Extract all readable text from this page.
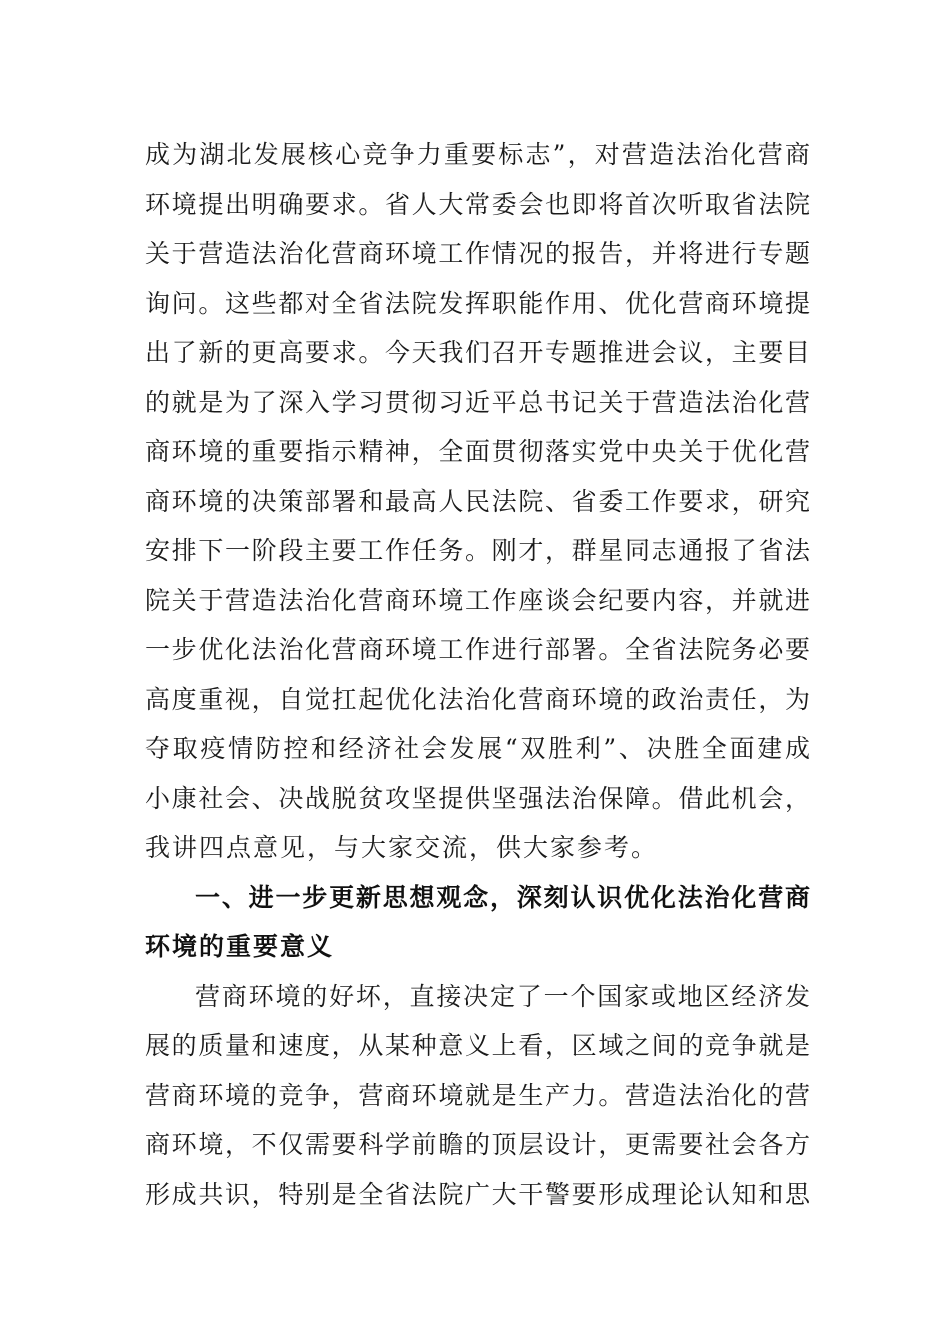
成为湖北发展核心竞争力重要标志”，对营造法治化营商
环境提出明确要求。省人大常委会也即将首次听取省法院
关于营造法治化营商环境工作情况的报告，并将进行专题
询问。这些都对全省法院发挥职能作用、优化营商环境提
出了新的更高要求。今天我们召开专题推进会议，主要目
的就是为了深入学习贯彻习近平总书记关于营造法治化营
商环境的重要指示精神，全面贯彻落实党中央关于优化营
商环境的决策部署和最高人民法院、省委工作要求，研究
安排下一阶段主要工作任务。刚才，群星同志通报了省法
院关于营造法治化营商环境工作座谈会纪要内容，并就进
一步优化法治化营商环境工作进行部署。全省法院务必要
高度重视，自觉扛起优化法治化营商环境的政治责任，为
夺取疫情防控和经济社会发展“双胜利”、决胜全面建成
小康社会、决战脱贫攻坚提供坚强法治保障。借此机会，
我讲四点意见，与大家交流，供大家参考。
一、进一步更新思想观念，深刻认识优化法治化营商
环境的重要意义
营商环境的好坏，直接决定了一个国家或地区经济发
展的质量和速度，从某种意义上看，区域之间的竞争就是
营商环境的竞争，营商环境就是生产力。营造法治化的营
商环境，不仅需要科学前瞻的顶层设计，更需要社会各方
形成共识，特别是全省法院广大干警要形成理论认知和思
